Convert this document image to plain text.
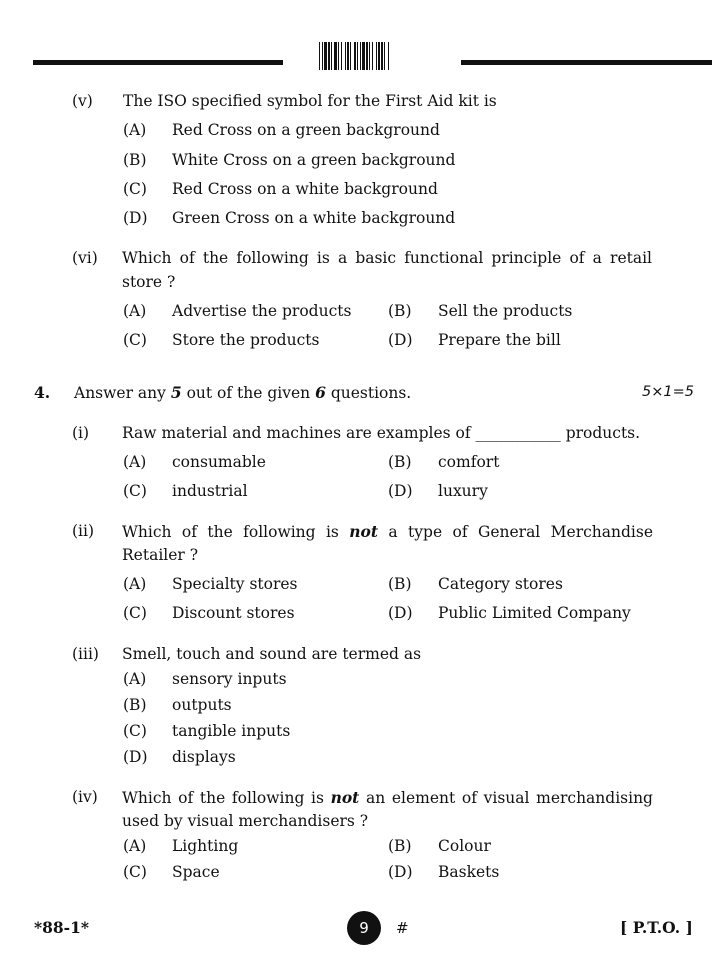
(v) The ISO specified symbol for the First Aid kit is
(A) Red Cross on a green background
(B) White Cross on a green background
(C) Red Cross on a white background
(D) Green Cross on a white background
(vi) Which of the following is a basic functional principle of a retail
store ?
(A) Advertise the products (B) Sell the products
(C) Store the products	(D) Prepare the bill
4. Answer any 5 out of the given 6 questions.	5×1=5
(i) Raw material and machines are examples of ___________ products.
(A) consumable	(B) comfort
(C) industrial	(D) luxury
(ii) Which of the following is not a type of General Merchandise
Retailer ?
(A) Specialty stores	(B) Category stores
(C) Discount stores	(D) Public Limited Company
(iii) Smell, touch and sound are termed as
(A) sensory inputs
(B) outputs
(C) tangible inputs
(D) displays
(iv) Which of the following is not an element of visual merchandising
used by visual merchandisers ?
(A) Lighting	(B) Colour
(C) Space	(D) Baskets
*88-1*	9	#	[ P.T.O. ]
